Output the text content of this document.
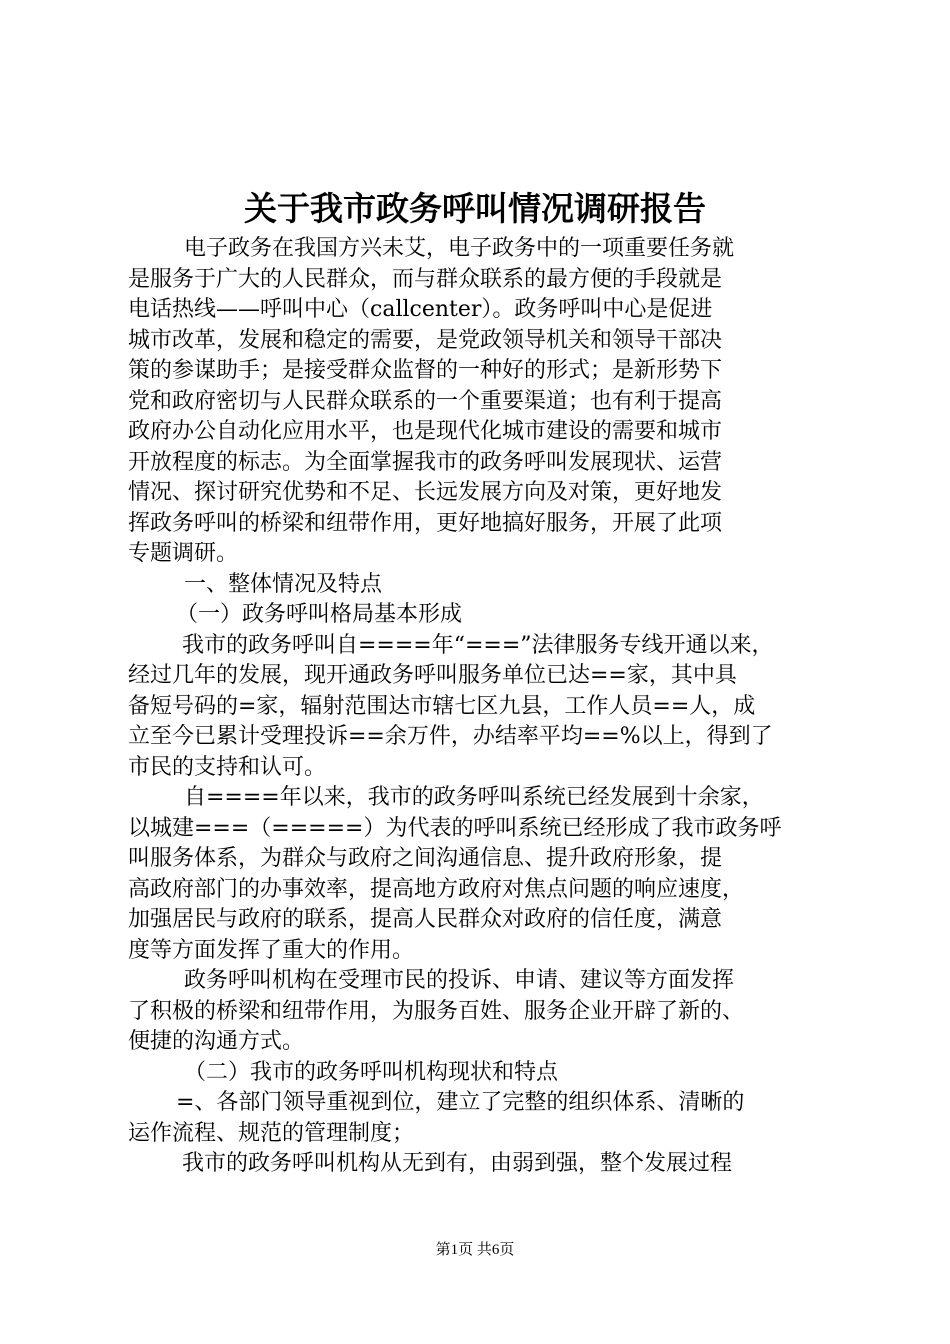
关于我市政务呼叫情况调研报告
电子政务在我国方兴未艾，电子政务中的一项重要任务就
是服务于广大的人民群众，而与群众联系的最方便的手段就是
电话热线——呼叫中心（callcenter）。政务呼叫中心是促进
城市改革，发展和稳定的需要，是党政领导机关和领导干部决
策的参谋助手；是接受群众监督的一种好的形式；是新形势下
党和政府密切与人民群众联系的一个重要渠道；也有利于提高
政府办公自动化应用水平，也是现代化城市建设的需要和城市
开放程度的标志。为全面掌握我市的政务呼叫发展现状、运营
情况、探讨研究优势和不足、长远发展方向及对策，更好地发
挥政务呼叫的桥梁和纽带作用，更好地搞好服务，开展了此项
专题调研。
一、整体情况及特点
（一）政务呼叫格局基本形成
我市的政务呼叫自====年“===”法律服务专线开通以来，
经过几年的发展，现开通政务呼叫服务单位已达==家，其中具
备短号码的=家，辐射范围达市辖七区九县，工作人员==人，成
立至今已累计受理投诉==余万件，办结率平均==%以上，得到了
市民的支持和认可。
自====年以来，我市的政务呼叫系统已经发展到十余家，
以城建===（=====）为代表的呼叫系统已经形成了我市政务呼
叫服务体系，为群众与政府之间沟通信息、提升政府形象，提
高政府部门的办事效率，提高地方政府对焦点问题的响应速度，
加强居民与政府的联系，提高人民群众对政府的信任度，满意
度等方面发挥了重大的作用。
政务呼叫机构在受理市民的投诉、申请、建议等方面发挥
了积极的桥梁和纽带作用，为服务百姓、服务企业开辟了新的、
便捷的沟通方式。
（二）我市的政务呼叫机构现状和特点
=、各部门领导重视到位，建立了完整的组织体系、清晰的
运作流程、规范的管理制度；
我市的政务呼叫机构从无到有，由弱到强，整个发展过程
第1页 共6页
